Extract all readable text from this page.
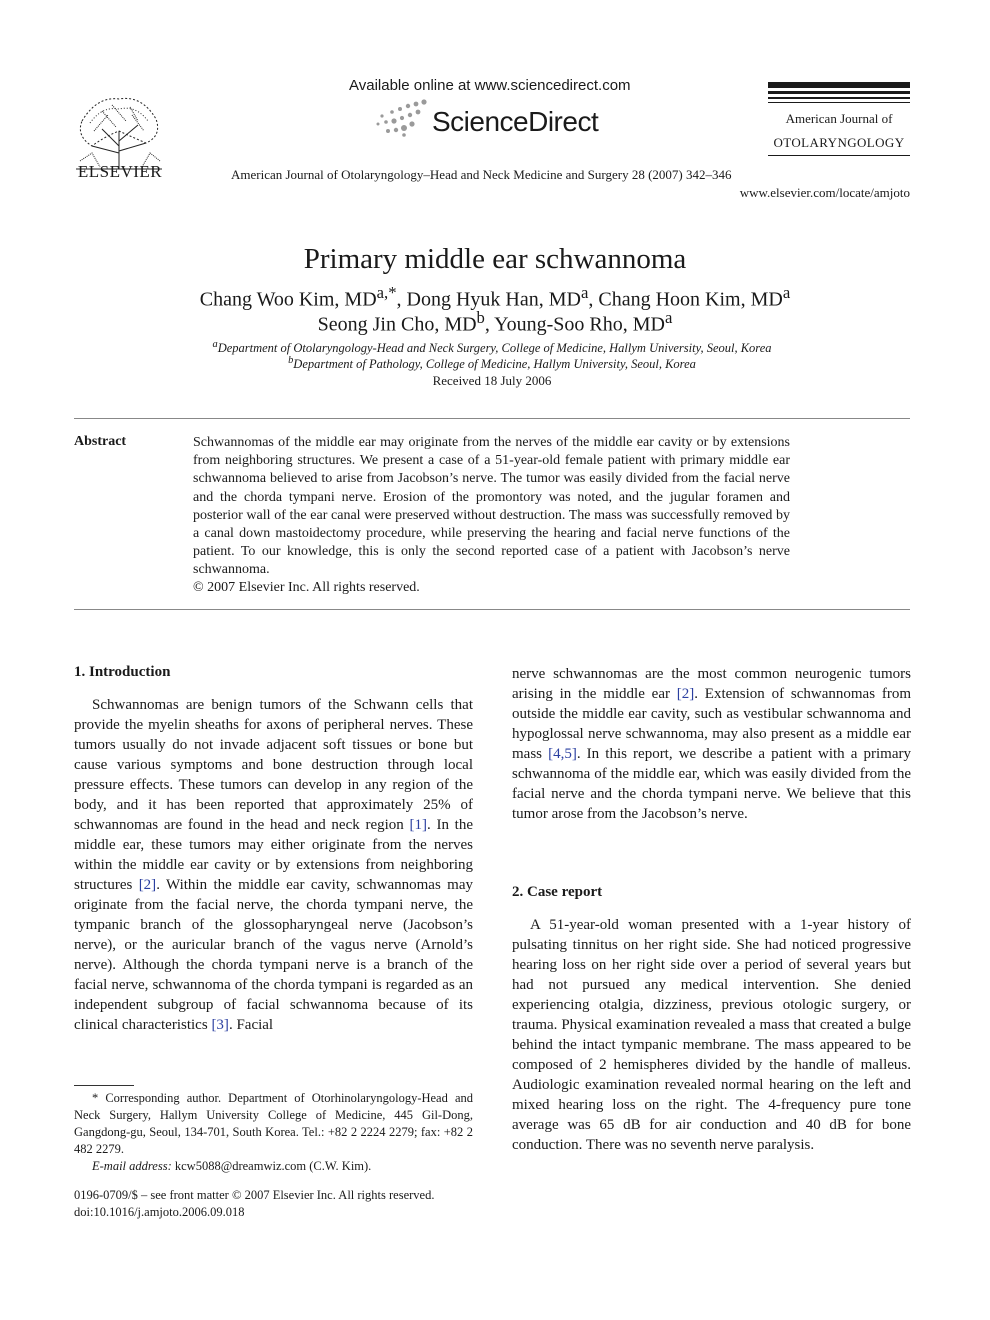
ELSEVIER
Available online at www.sciencedirect.com
ScienceDirect
American Journal of Otolaryngology–Head and Neck Medicine and Surgery 28 (2007) 342–346
American Journal of
OTOLARYNGOLOGY
www.elsevier.com/locate/amjoto
Primary middle ear schwannoma
Chang Woo Kim, $MD^{a,*}$, Dong Hyuk Han, $MD^a$, Chang Hoon Kim, $MD^a$
Seong Jin Cho, $MD^b$, Young-Soo Rho, $MD^a$
$^a$Department of Otolaryngology-Head and Neck Surgery, College of Medicine, Hallym University, Seoul, Korea
$^b$Department of Pathology, College of Medicine, Hallym University, Seoul, Korea
Received 18 July 2006
Abstract	Schwannomas of the middle ear may originate from the nerves of the middle ear cavity or by extensions from neighboring structures. We present a case of a 51-year-old female patient with primary middle ear schwannoma believed to arise from Jacobson’s nerve. The tumor was easily divided from the facial nerve and the chorda tympani nerve. Erosion of the promontory was noted, and the jugular foramen and posterior wall of the ear canal were preserved without destruction. The mass was successfully removed by a canal down mastoidectomy procedure, while preserving the hearing and facial nerve functions of the patient. To our knowledge, this is only the second reported case of a patient with Jacobson’s nerve schwannoma.
© 2007 Elsevier Inc. All rights reserved.
1. Introduction

Schwannomas are benign tumors of the Schwann cells that provide the myelin sheaths for axons of peripheral nerves. These tumors usually do not invade adjacent soft tissues or bone but cause various symptoms and bone destruction through local pressure effects. These tumors can develop in any region of the body, and it has been reported that approximately 25% of schwannomas are found in the head and neck region [1]. In the middle ear, these tumors may either originate from the nerves within the middle ear cavity or by extensions from neighboring structures [2]. Within the middle ear cavity, schwannomas may originate from the facial nerve, the chorda tympani nerve, the tympanic branch of the glossopharyngeal nerve (Jacobson’s nerve), or the auricular branch of the vagus nerve (Arnold’s nerve). Although the chorda tympani nerve is a branch of the facial nerve, schwannoma of the chorda tympani is regarded as an independent subgroup of facial schwannoma because of its clinical characteristics [3]. Facial

* Corresponding author. Department of Otorhinolaryngology-Head and Neck Surgery, Hallym University College of Medicine, 445 Gil-Dong, Gangdong-gu, Seoul, 134-701, South Korea. Tel.: +82 2 2224 2279; fax: +82 2 482 2279.
E-mail address: kcw5088@dreamwiz.com (C.W. Kim).
0196-0709/$ – see front matter © 2007 Elsevier Inc. All rights reserved.
doi:10.1016/j.amjoto.2006.09.018

nerve schwannomas are the most common neurogenic tumors arising in the middle ear [2]. Extension of schwannomas from outside the middle ear cavity, such as vestibular schwannoma and hypoglossal nerve schwannoma, may also present as a middle ear mass [4,5]. In this report, we describe a patient with a primary schwannoma of the middle ear, which was easily divided from the facial nerve and the chorda tympani nerve. We believe that this tumor arose from the Jacobson’s nerve.

2. Case report

A 51-year-old woman presented with a 1-year history of pulsating tinnitus on her right side. She had noticed progressive hearing loss on her right side over a period of several years but had not pursued any medical intervention. She denied experiencing otalgia, dizziness, previous otologic surgery, or trauma. Physical examination revealed a mass that created a bulge behind the intact tympanic membrane. The mass appeared to be composed of 2 hemispheres divided by the handle of malleus. Audiologic examination revealed normal hearing on the left and mixed hearing loss on the right. The 4-frequency pure tone average was 65 dB for air conduction and 40 dB for bone conduction. There was no seventh nerve paralysis.
